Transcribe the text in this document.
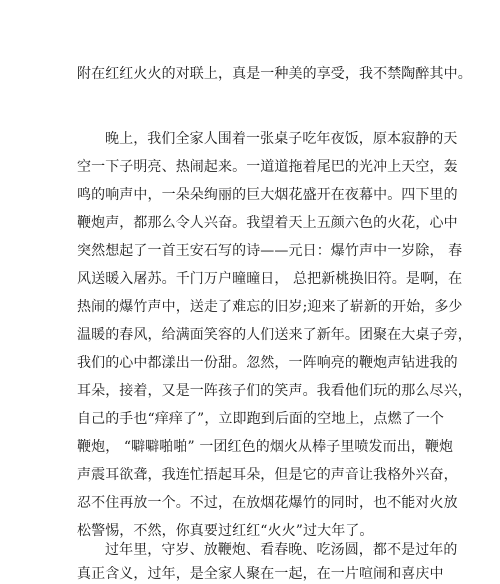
附在红红火火的对联上，真是一种美的享受，我不禁陶醉其中。
晚上，我们全家人围着一张桌子吃年夜饭，原本寂静的天
空一下子明亮、热闹起来。一道道拖着尾巴的光冲上天空，轰
鸣的响声中，一朵朵绚丽的巨大烟花盛开在夜幕中。四下里的
鞭炮声，都那么令人兴奋。我望着天上五颜六色的火花，心中
突然想起了一首王安石写的诗——元日：爆竹声中一岁除， 春
风送暖入屠苏。千门万户曈曈日， 总把新桃换旧符。是啊，在
热闹的爆竹声中，送走了难忘的旧岁;迎来了崭新的开始，多少
温暖的春风，给满面笑容的人们送来了新年。团聚在大桌子旁，
我们的心中都漾出一份甜。忽然，一阵响亮的鞭炮声钻进我的
耳朵，接着，又是一阵孩子们的笑声。我看他们玩的那么尽兴，
自己的手也“痒痒了”，立即跑到后面的空地上，点燃了一个
鞭炮， “噼噼啪啪” 一团红色的烟火从棒子里喷发而出，鞭炮
声震耳欲聋，我连忙捂起耳朵，但是它的声音让我格外兴奋，
忍不住再放一个。不过，在放烟花爆竹的同时，也不能对火放
松警惕，不然，你真要过红红“火火”过大年了。
过年里，守岁、放鞭炮、看春晚、吃汤圆，都不是过年的
真正含义，过年，是全家人聚在一起，在一片喧闹和喜庆中
